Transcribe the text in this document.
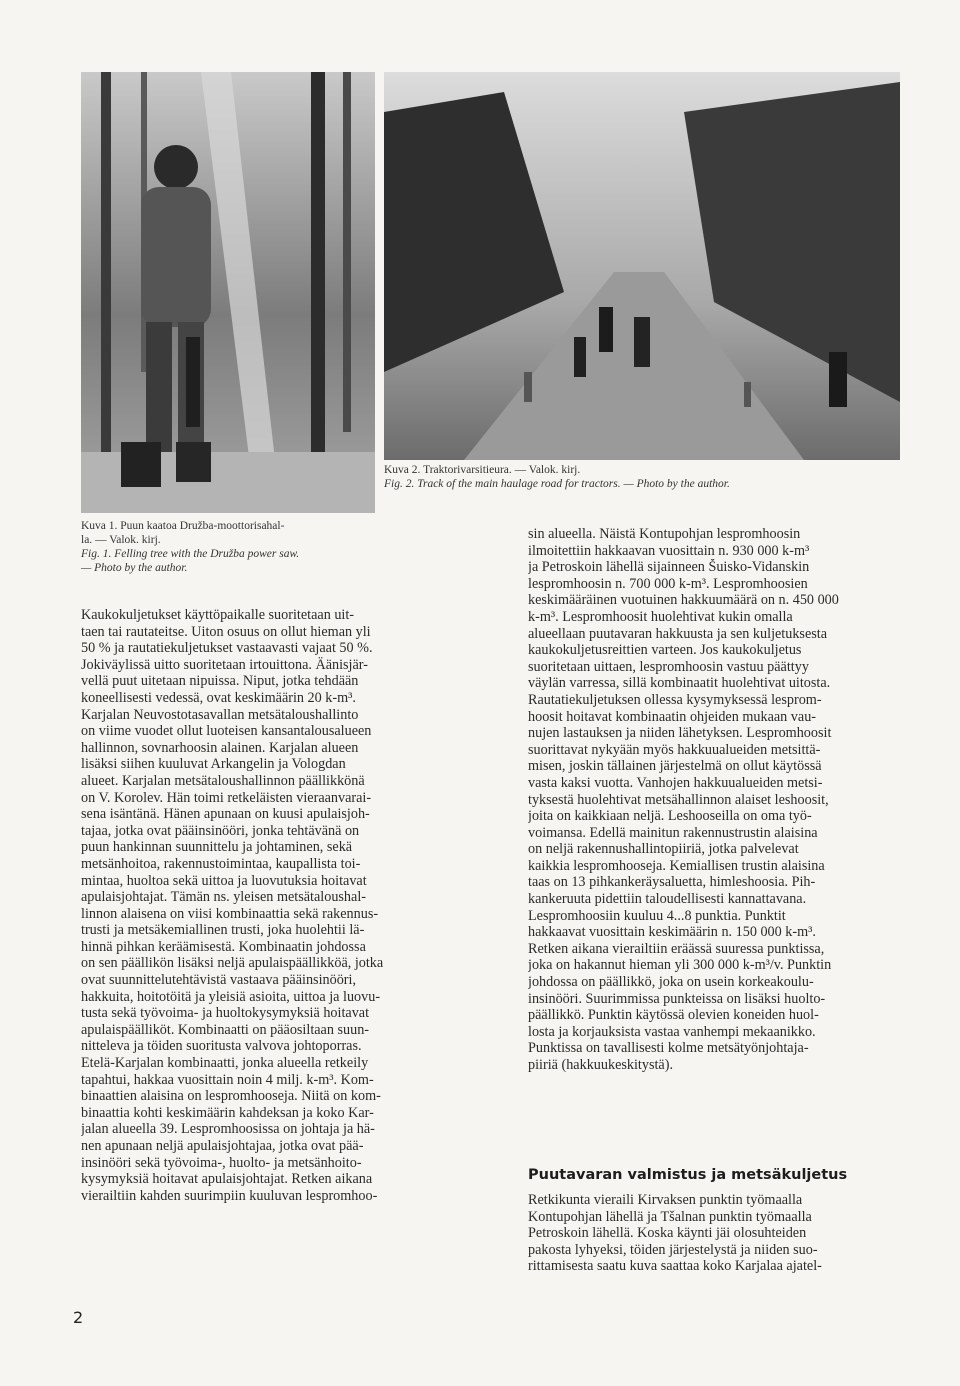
Kuva 1. Puun kaatoa Družba-moottorisahal-
la. — Valok. kirj.
Fig. 1. Felling tree with the Družba power saw.
— Photo by the author.
Kuva 2. Traktorivarsitieura. — Valok. kirj.
Fig. 2. Track of the main haulage road for tractors. — Photo by the author.
Kaukokuljetukset käyttöpaikalle suoritetaan uit-
taen tai rautateitse. Uiton osuus on ollut hieman yli
50 % ja rautatiekuljetukset vastaavasti vajaat 50 %.
Jokiväylissä uitto suoritetaan irtouittona. Äänisjär-
vellä puut uitetaan nipuissa. Niput, jotka tehdään
koneellisesti vedessä, ovat keskimäärin 20 k-m³.
Karjalan Neuvostotasavallan metsätaloushallinto
on viime vuodet ollut luoteisen kansantalousalueen
hallinnon, sovnarhoosin alainen. Karjalan alueen
lisäksi siihen kuuluvat Arkangelin ja Vologdan
alueet. Karjalan metsätaloushallinnon päällikkönä
on V. Korolev. Hän toimi retkeläisten vieraanvarai-
sena isäntänä. Hänen apunaan on kuusi apulaisjoh-
tajaa, jotka ovat pääinsinööri, jonka tehtävänä on
puun hankinnan suunnittelu ja johtaminen, sekä
metsänhoitoa, rakennustoimintaa, kaupallista toi-
mintaa, huoltoa sekä uittoa ja luovutuksia hoitavat
apulaisjohtajat. Tämän ns. yleisen metsätaloushal-
linnon alaisena on viisi kombinaattia sekä rakennus-
trusti ja metsäkemiallinen trusti, joka huolehtii lä-
hinnä pihkan keräämisestä. Kombinaatin johdossa
on sen päällikön lisäksi neljä apulaispäällikköä, jotka
ovat suunnittelutehtävistä vastaava pääinsinööri,
hakkuita, hoitotöitä ja yleisiä asioita, uittoa ja luovu-
tusta sekä työvoima- ja huoltokysymyksiä hoitavat
apulaispäälliköt. Kombinaatti on pääosiltaan suun-
nitteleva ja töiden suoritusta valvova johtoporras.
Etelä-Karjalan kombinaatti, jonka alueella retkeily
tapahtui, hakkaa vuosittain noin 4 milj. k-m³. Kom-
binaattien alaisina on lespromhooseja. Niitä on kom-
binaattia kohti keskimäärin kahdeksan ja koko Kar-
jalan alueella 39. Lespromhoosissa on johtaja ja hä-
nen apunaan neljä apulaisjohtajaa, jotka ovat pää-
insinööri sekä työvoima-, huolto- ja metsänhoito-
kysymyksiä hoitavat apulaisjohtajat. Retken aikana
vierailtiin kahden suurimpiin kuuluvan lespromhoo-
sin alueella. Näistä Kontupohjan lespromhoosin
ilmoitettiin hakkaavan vuosittain n. 930 000 k-m³
ja Petroskoin lähellä sijainneen Šuisko-Vidanskin
lespromhoosin n. 700 000 k-m³. Lespromhoosien
keskimääräinen vuotuinen hakkuumäärä on n. 450 000
k-m³. Lespromhoosit huolehtivat kukin omalla
alueellaan puutavaran hakkuusta ja sen kuljetuksesta
kaukokuljetusreittien varteen. Jos kaukokuljetus
suoritetaan uittaen, lespromhoosin vastuu päättyy
väylän varressa, sillä kombinaatit huolehtivat uitosta.
Rautatiekuljetuksen ollessa kysymyksessä lesprom-
hoosit hoitavat kombinaatin ohjeiden mukaan vau-
nujen lastauksen ja niiden lähetyksen. Lespromhoosit
suorittavat nykyään myös hakkuualueiden metsittä-
misen, joskin tällainen järjestelmä on ollut käytössä
vasta kaksi vuotta. Vanhojen hakkuualueiden metsi-
tyksestä huolehtivat metsähallinnon alaiset leshoosit,
joita on kaikkiaan neljä. Leshooseilla on oma työ-
voimansa. Edellä mainitun rakennustrustin alaisina
on neljä rakennushallintopiiriä, jotka palvelevat
kaikkia lespromhooseja. Kemiallisen trustin alaisina
taas on 13 pihkankeräysaluetta, himleshoosia. Pih-
kankeruuta pidettiin taloudellisesti kannattavana.
Lespromhoosiin kuuluu 4...8 punktia. Punktit
hakkaavat vuosittain keskimäärin n. 150 000 k-m³.
Retken aikana vierailtiin eräässä suuressa punktissa,
joka on hakannut hieman yli 300 000 k-m³/v. Punktin
johdossa on päällikkö, joka on usein korkeakoulu-
insinööri. Suurimmissa punkteissa on lisäksi huolto-
päällikkö. Punktin käytössä olevien koneiden huol-
losta ja korjauksista vastaa vanhempi mekaanikko.
Punktissa on tavallisesti kolme metsätyönjohtaja-
piiriä (hakkuukeskitystä).
Puutavaran valmistus ja metsäkuljetus
Retkikunta vieraili Kirvaksen punktin työmaalla
Kontupohjan lähellä ja Tšalnan punktin työmaalla
Petroskoin lähellä. Koska käynti jäi olosuhteiden
pakosta lyhyeksi, töiden järjestelystä ja niiden suo-
rittamisesta saatu kuva saattaa koko Karjalaa ajatel-
2
